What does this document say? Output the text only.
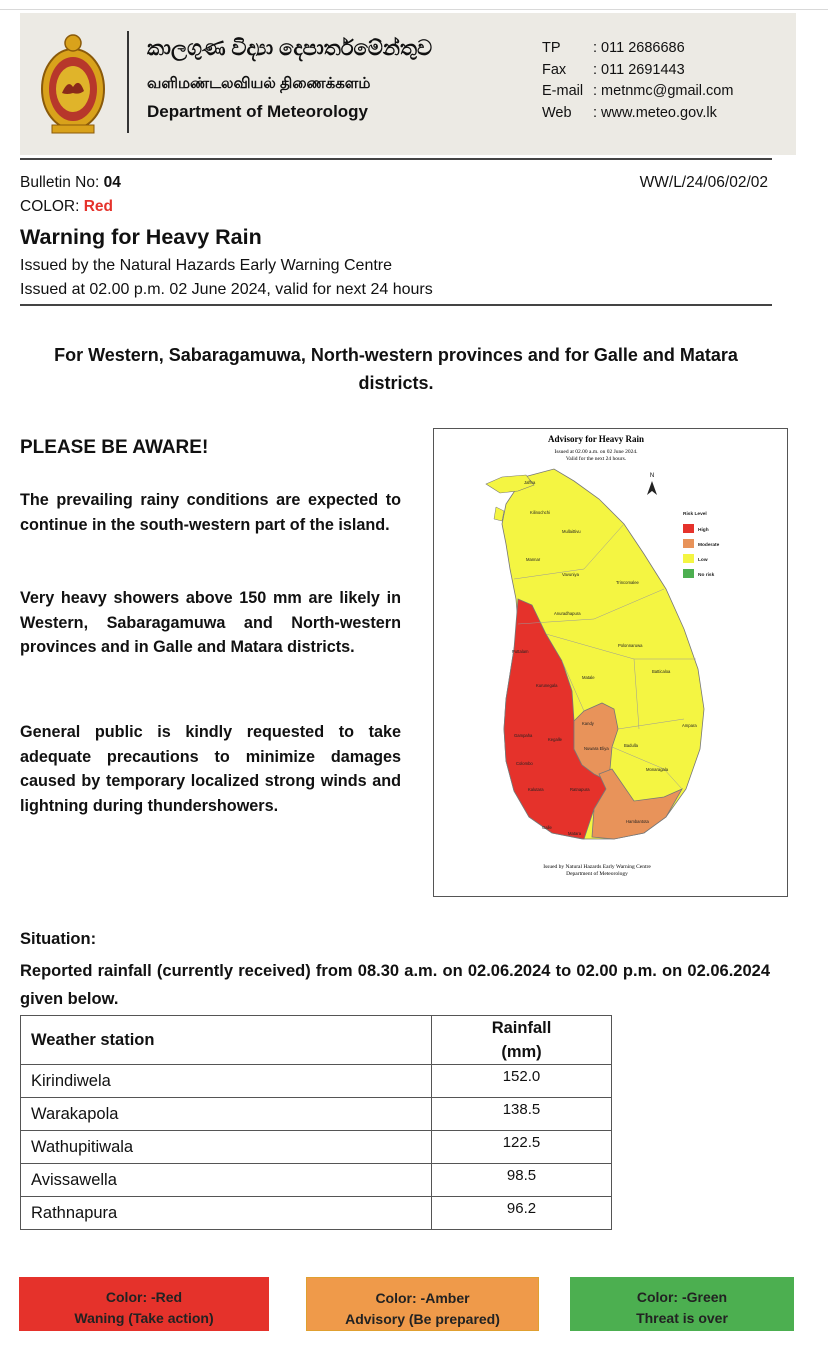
කාලගුණ විද්‍යා දෙපාර්තමේන්තුව
வளிமண்டலவியல் திணைக்களம்
Department of Meteorology
TP	: 011 2686686
Fax	: 011 2691443
E-mail : metnmc@gmail.com
Web	: www.meteo.gov.lk
Bulletin No: 04	WW/L/24/06/02/02
COLOR: Red
Warning for Heavy Rain
Issued by the Natural Hazards Early Warning Centre
Issued at 02.00 p.m. 02 June 2024, valid for next 24 hours
For Western, Sabaragamuwa, North-western provinces and for Galle and Matara districts.
PLEASE BE AWARE!
The prevailing rainy conditions are expected to continue in the south-western part of the island.
Very heavy showers above 150 mm are likely in Western, Sabaragamuwa and North-western provinces and in Galle and Matara districts.
General public is kindly requested to take adequate precautions to minimize damages caused by temporary localized strong winds and lightning during thundershowers.
Advisory for Heavy Rain
Issued at 02.00 a.m. on 02 June 2024.
Valid for the next 24 hours.
N
Jaffna
Kilinochchi
Mullaittivu
Mannar
Vavuniya
Trincomalee
Anuradhapura
Puttalam
Polonnaruwa
Batticaloa
Kurunegala
Matale
Kandy	Ampara
Gampaha
Kegalle
Nuwara Eliya
Badulla
Colombo
Monaragala
Kalutara	Ratnapura
Galle
Matara
Hambantota
Risk Level
High
Moderate
Low
No risk
Issued by Natural Hazards Early Warning Centre
Department of Meteorology
Situation:
Reported rainfall (currently received) from 08.30 a.m. on 02.06.2024 to 02.00 p.m. on 02.06.2024 given below.
Weather station	Rainfall
(mm)
Kirindiwela	152.0
Warakapola	138.5
Wathupitiwala	122.5
Avissawella	98.5
Rathnapura	96.2
Color: -Red
Waning (Take action)
Color: -Amber
Advisory (Be prepared)
Color: -Green
Threat is over
